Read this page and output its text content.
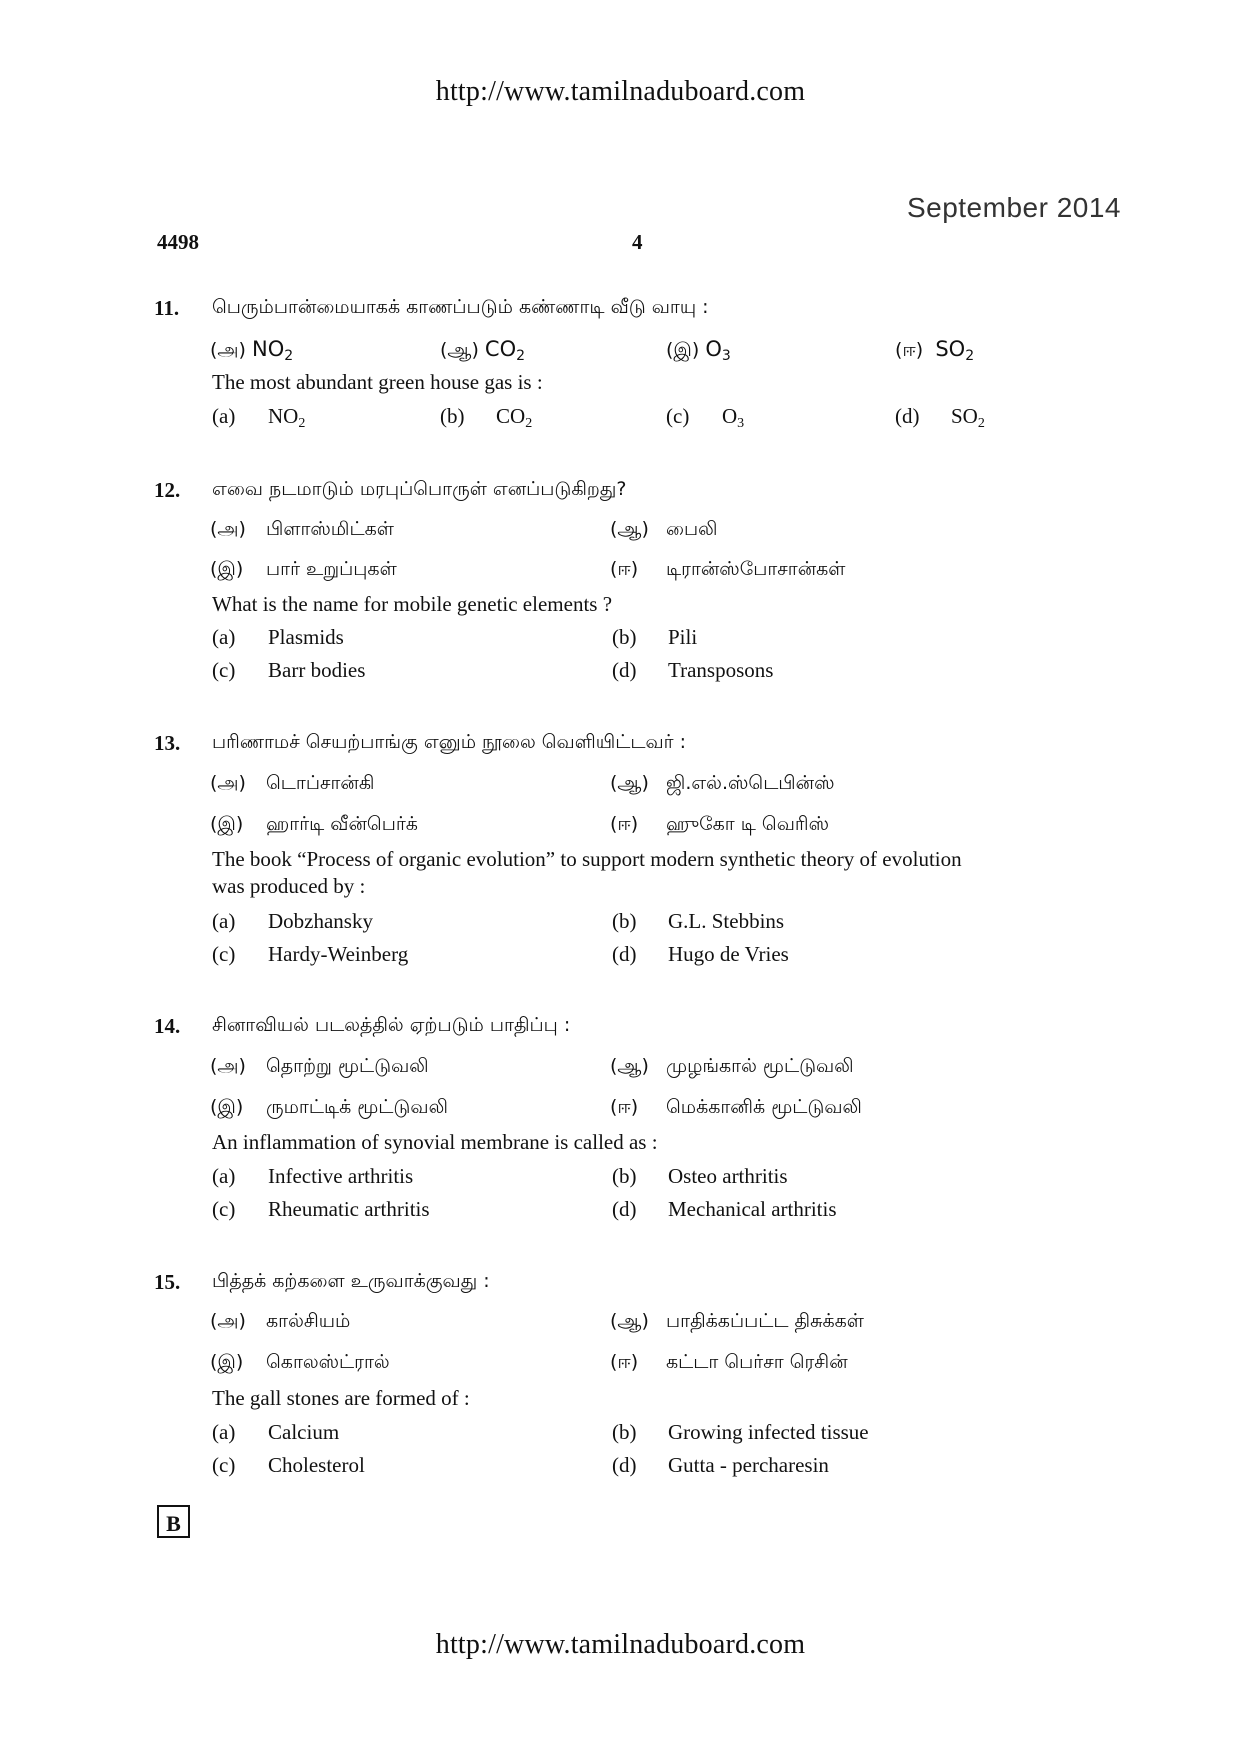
http://www.tamilnaduboard.com
September 2014
4498	4
11. பெரும்பான்மையாகக் காணப்படும் கண்ணாடி வீடு வாயு :
(அ) $NO_2$	(ஆ) $CO_2$	(இ) $O_3$	(ஈ) $SO_2$
The most abundant green house gas is :
(a) $NO_2$	(b) $CO_2$	(c) $O_3$	(d) $SO_2$
12. எவை நடமாடும் மரபுப்பொருள் எனப்படுகிறது?
(அ) பிளாஸ்மிட்கள்	(ஆ) பைலி
(இ) பார் உறுப்புகள்	(ஈ) டிரான்ஸ்போசான்கள்
What is the name for mobile genetic elements ?
(a) Plasmids	(b) Pili
(c) Barr bodies	(d) Transposons
13. பரிணாமச் செயற்பாங்கு எனும் நூலை வெளியிட்டவர் :
(அ) டொப்சான்கி	(ஆ) ஜி.எல்.ஸ்டெபின்ஸ்
(இ) ஹார்டி வீன்பெர்க்	(ஈ) ஹுகோ டி வெரிஸ்
The book “Process of organic evolution” to support modern synthetic theory of evolution
was produced by :
(a) Dobzhansky	(b) G.L. Stebbins
(c) Hardy-Weinberg	(d) Hugo de Vries
14. சினாவியல் படலத்தில் ஏற்படும் பாதிப்பு :
(அ) தொற்று மூட்டுவலி	(ஆ) முழங்கால் மூட்டுவலி
(இ) ருமாட்டிக் மூட்டுவலி	(ஈ) மெக்கானிக் மூட்டுவலி
An inflammation of synovial membrane is called as :
(a) Infective arthritis	(b) Osteo arthritis
(c) Rheumatic arthritis	(d) Mechanical arthritis
15. பித்தக் கற்களை உருவாக்குவது :
(அ) கால்சியம்	(ஆ) பாதிக்கப்பட்ட திசுக்கள்
(இ) கொலஸ்ட்ரால்	(ஈ) கட்டா பெர்சா ரெசின்
The gall stones are formed of :
(a) Calcium	(b) Growing infected tissue
(c) Cholesterol	(d) Gutta - percharesin
B
http://www.tamilnaduboard.com
